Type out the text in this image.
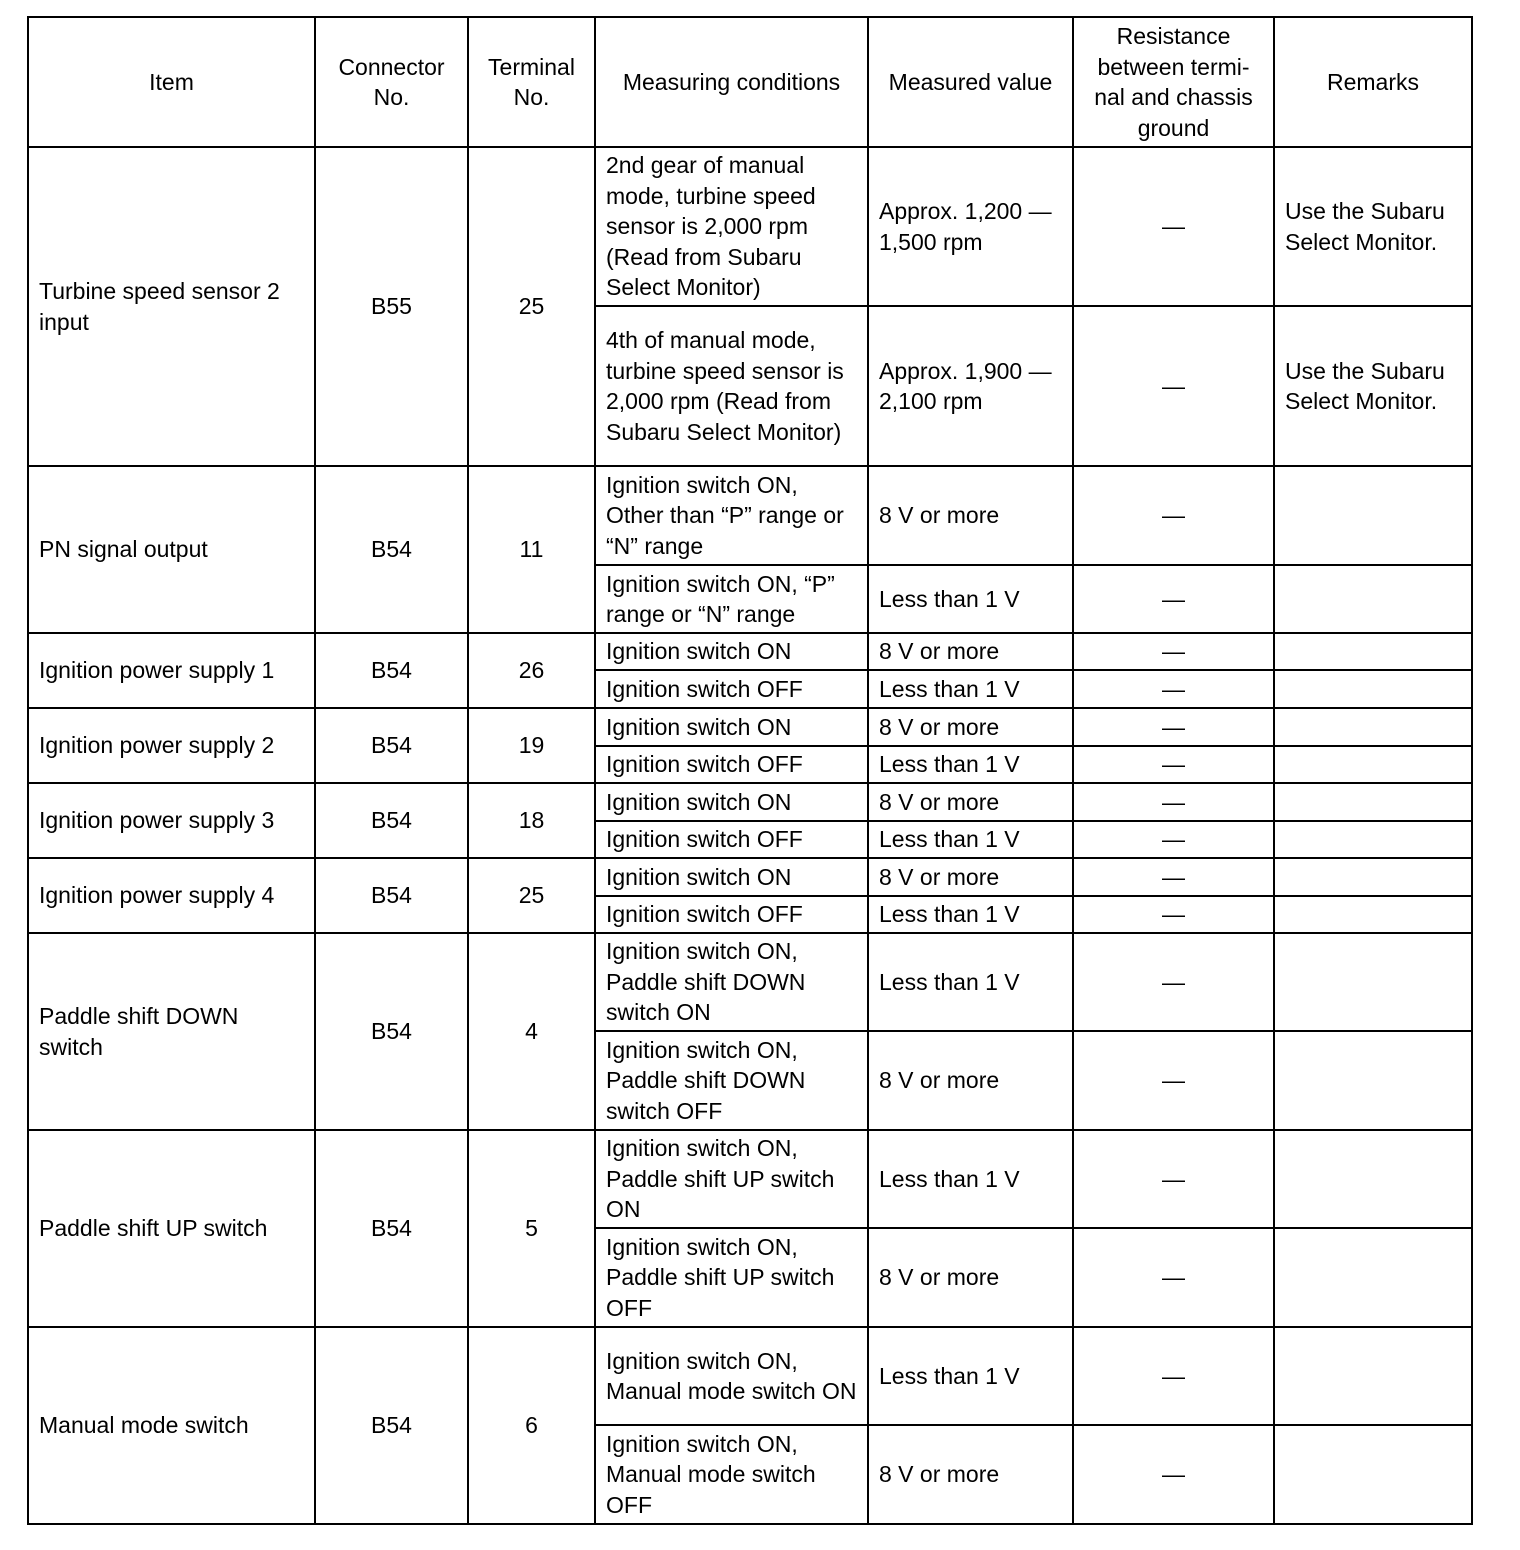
Item	Connector No.	Terminal No.	Measuring conditions	Measured value	Resistance between termi-nal and chassis ground	Remarks
Turbine speed sensor 2 input	B55	25	2nd gear of manual mode, turbine speed sensor is 2,000 rpm (Read from Subaru Select Monitor)	Approx. 1,200 — 1,500 rpm	—	Use the Subaru Select Monitor.
			4th of manual mode, turbine speed sensor is 2,000 rpm (Read from Subaru Select Monitor)	Approx. 1,900 — 2,100 rpm	—	Use the Subaru Select Monitor.
PN signal output	B54	11	Ignition switch ON, Other than “P” range or “N” range	8 V or more	—	
			Ignition switch ON, “P” range or “N” range	Less than 1 V	—	
Ignition power supply 1	B54	26	Ignition switch ON	8 V or more	—	
			Ignition switch OFF	Less than 1 V	—	
Ignition power supply 2	B54	19	Ignition switch ON	8 V or more	—	
			Ignition switch OFF	Less than 1 V	—	
Ignition power supply 3	B54	18	Ignition switch ON	8 V or more	—	
			Ignition switch OFF	Less than 1 V	—	
Ignition power supply 4	B54	25	Ignition switch ON	8 V or more	—	
			Ignition switch OFF	Less than 1 V	—	
Paddle shift DOWN switch	B54	4	Ignition switch ON, Paddle shift DOWN switch ON	Less than 1 V	—	
			Ignition switch ON, Paddle shift DOWN switch OFF	8 V or more	—	
Paddle shift UP switch	B54	5	Ignition switch ON, Paddle shift UP switch ON	Less than 1 V	—	
			Ignition switch ON, Paddle shift UP switch OFF	8 V or more	—	
Manual mode switch	B54	6	Ignition switch ON, Manual mode switch ON	Less than 1 V	—	
			Ignition switch ON, Manual mode switch OFF	8 V or more	—	
